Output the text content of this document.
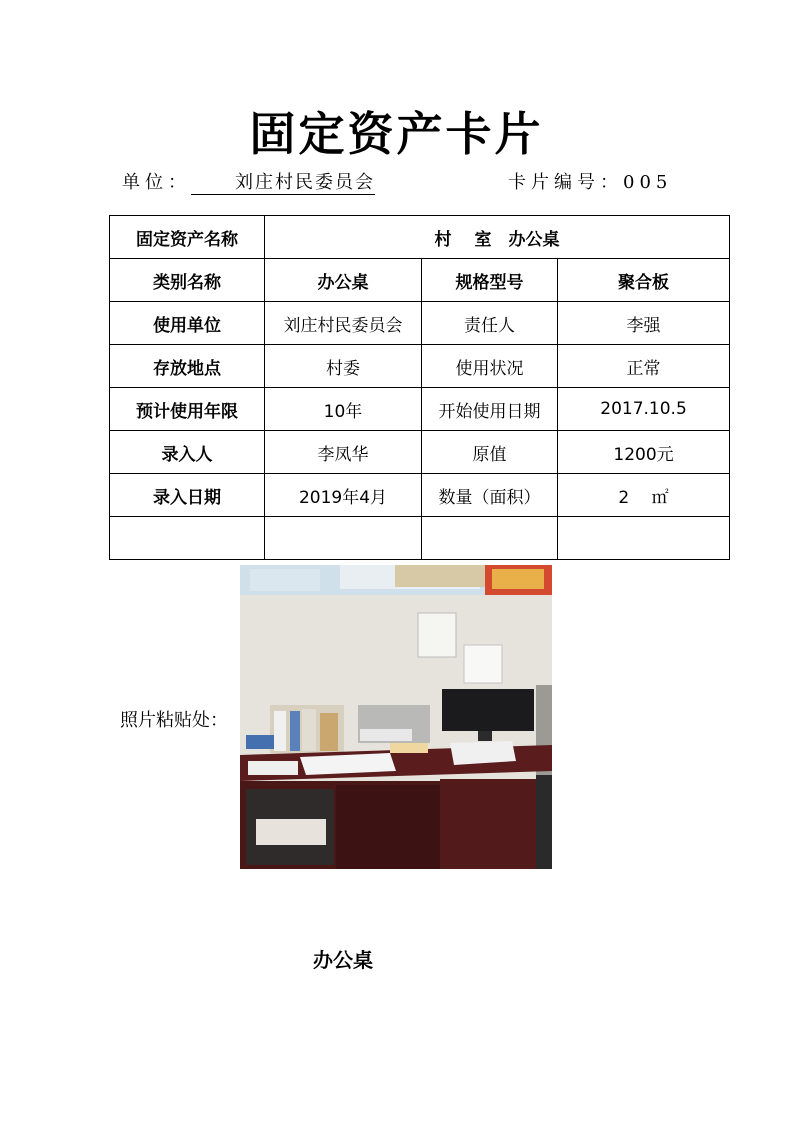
固定资产卡片
单位： 刘庄村民委员会	卡片编号：005
固定资产名称	村　 室　办公桌		
类别名称	办公桌	规格型号	聚合板
使用单位	刘庄村民委员会	责任人	李强
存放地点	村委	使用状况	正常
预计使用年限	10年	开始使用日期	2017.10.5
录入人	李凤华	原值	1200元
录入日期	2019年4月	数量（面积）	2　 ㎡

照片粘贴处：
办公桌
